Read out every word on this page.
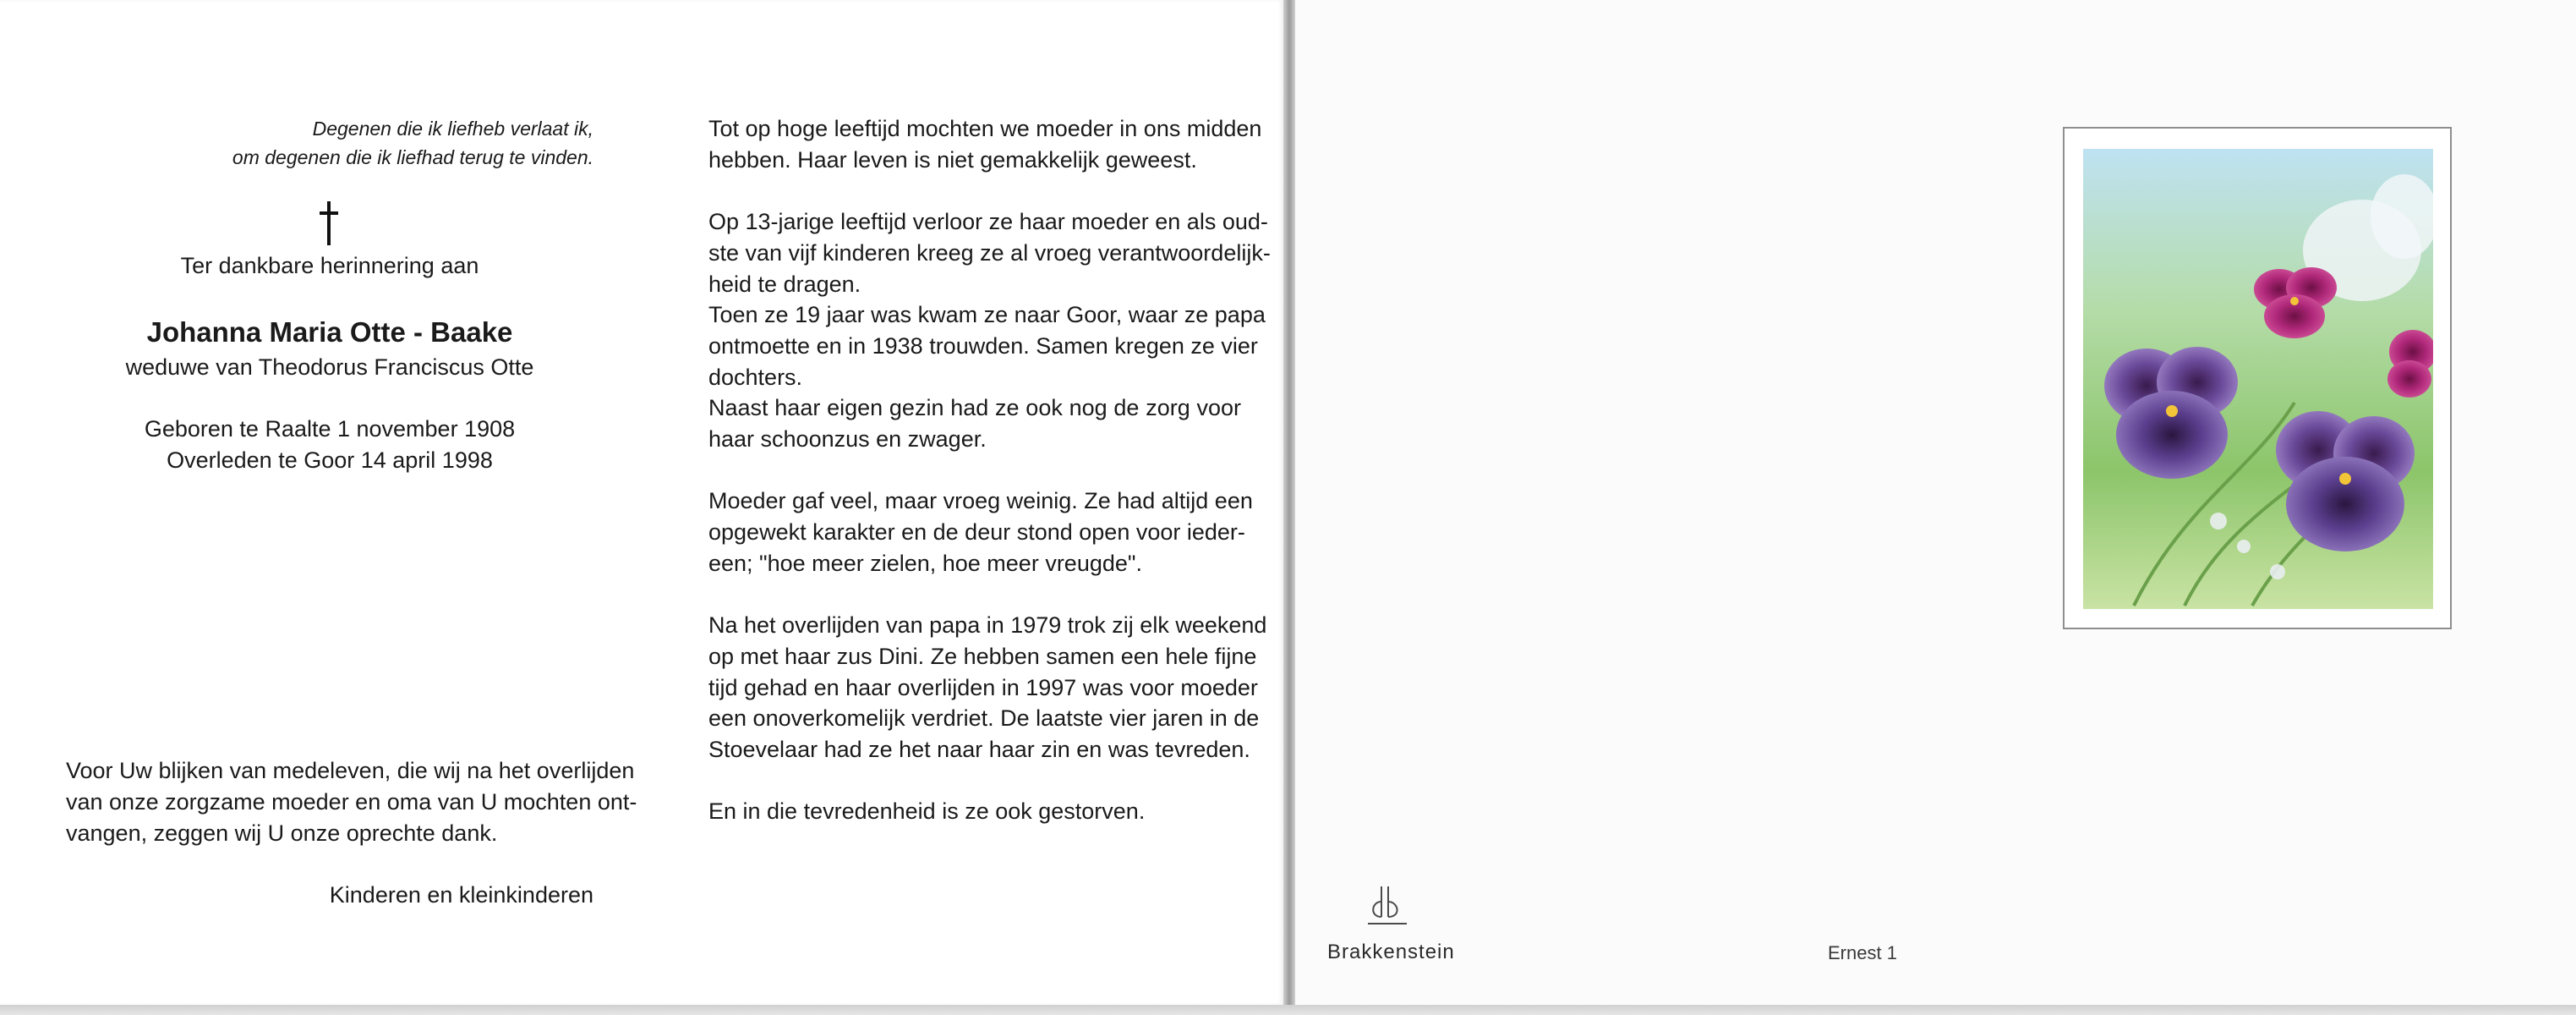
Degenen die ik liefheb verlaat ik,
om degenen die ik liefhad terug te vinden.
Ter dankbare herinnering aan
Johanna Maria Otte - Baake
weduwe van Theodorus Franciscus Otte
Geboren te Raalte 1 november 1908
Overleden te Goor 14 april 1998
Voor Uw blijken van medeleven, die wij na het overlijden
van onze zorgzame moeder en oma van U mochten ont-
vangen, zeggen wij U onze oprechte dank.
Kinderen en kleinkinderen
Tot op hoge leeftijd mochten we moeder in ons midden
hebben. Haar leven is niet gemakkelijk geweest.
Op 13-jarige leeftijd verloor ze haar moeder en als oud-
ste van vijf kinderen kreeg ze al vroeg verantwoordelijk-
heid te dragen.
Toen ze 19 jaar was kwam ze naar Goor, waar ze papa
ontmoette en in 1938 trouwden. Samen kregen ze vier
dochters.
Naast haar eigen gezin had ze ook nog de zorg voor
haar schoonzus en zwager.
Moeder gaf veel, maar vroeg weinig. Ze had altijd een
opgewekt karakter en de deur stond open voor ieder-
een; "hoe meer zielen, hoe meer vreugde".
Na het overlijden van papa in 1979 trok zij elk weekend
op met haar zus Dini. Ze hebben samen een hele fijne
tijd gehad en haar overlijden in 1997 was voor moeder
een onoverkomelijk verdriet. De laatste vier jaren in de
Stoevelaar had ze het naar haar zin en was tevreden.
En in die tevredenheid is ze ook gestorven.
Brakkenstein	Ernest 1
